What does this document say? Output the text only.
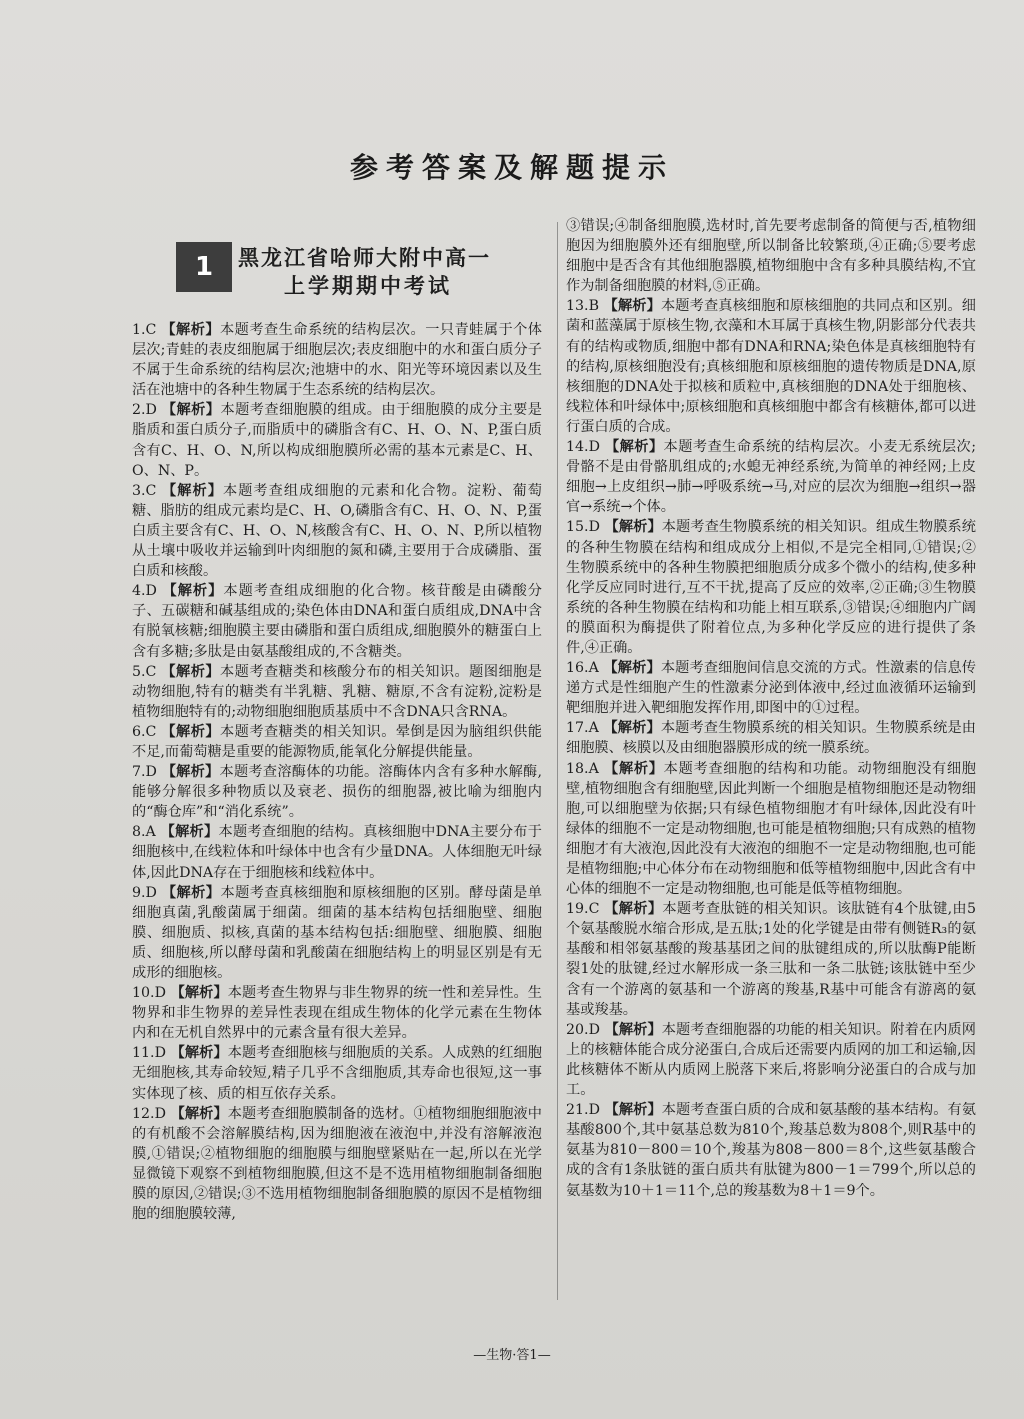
参考答案及解题提示
1	黑龙江省哈师大附中高一
上学期期中考试

1.C 【解析】本题考查生命系统的结构层次。一只青蛙属于个体层次;青蛙的表皮细胞属于细胞层次;表皮细胞中的水和蛋白质分子不属于生命系统的结构层次;池塘中的水、阳光等环境因素以及生活在池塘中的各种生物属于生态系统的结构层次。

2.D 【解析】本题考查细胞膜的组成。由于细胞膜的成分主要是脂质和蛋白质分子,而脂质中的磷脂含有C、H、O、N、P,蛋白质含有C、H、O、N,所以构成细胞膜所必需的基本元素是C、H、O、N、P。

3.C 【解析】本题考查组成细胞的元素和化合物。淀粉、葡萄糖、脂肪的组成元素均是C、H、O,磷脂含有C、H、O、N、P,蛋白质主要含有C、H、O、N,核酸含有C、H、O、N、P,所以植物从土壤中吸收并运输到叶肉细胞的氮和磷,主要用于合成磷脂、蛋白质和核酸。

4.D 【解析】本题考查组成细胞的化合物。核苷酸是由磷酸分子、五碳糖和碱基组成的;染色体由DNA和蛋白质组成,DNA中含有脱氧核糖;细胞膜主要由磷脂和蛋白质组成,细胞膜外的糖蛋白上含有多糖;多肽是由氨基酸组成的,不含糖类。

5.C 【解析】本题考查糖类和核酸分布的相关知识。题图细胞是动物细胞,特有的糖类有半乳糖、乳糖、糖原,不含有淀粉,淀粉是植物细胞特有的;动物细胞细胞质基质中不含DNA只含RNA。

6.C 【解析】本题考查糖类的相关知识。晕倒是因为脑组织供能不足,而葡萄糖是重要的能源物质,能氧化分解提供能量。

7.D 【解析】本题考查溶酶体的功能。溶酶体内含有多种水解酶,能够分解很多种物质以及衰老、损伤的细胞器,被比喻为细胞内的“酶仓库”和“消化系统”。

8.A 【解析】本题考查细胞的结构。真核细胞中DNA主要分布于细胞核中,在线粒体和叶绿体中也含有少量DNA。人体细胞无叶绿体,因此DNA存在于细胞核和线粒体中。

9.D 【解析】本题考查真核细胞和原核细胞的区别。酵母菌是单细胞真菌,乳酸菌属于细菌。细菌的基本结构包括细胞壁、细胞膜、细胞质、拟核,真菌的基本结构包括:细胞壁、细胞膜、细胞质、细胞核,所以酵母菌和乳酸菌在细胞结构上的明显区别是有无成形的细胞核。

10.D 【解析】本题考查生物界与非生物界的统一性和差异性。生物界和非生物界的差异性表现在组成生物体的化学元素在生物体内和在无机自然界中的元素含量有很大差异。

11.D 【解析】本题考查细胞核与细胞质的关系。人成熟的红细胞无细胞核,其寿命较短,精子几乎不含细胞质,其寿命也很短,这一事实体现了核、质的相互依存关系。

12.D 【解析】本题考查细胞膜制备的选材。①植物细胞细胞液中的有机酸不会溶解膜结构,因为细胞液在液泡中,并没有溶解液泡膜,①错误;②植物细胞的细胞膜与细胞壁紧贴在一起,所以在光学显微镜下观察不到植物细胞膜,但这不是不选用植物细胞制备细胞膜的原因,②错误;③不选用植物细胞制备细胞膜的原因不是植物细胞的细胞膜较薄,

③错误;④制备细胞膜,选材时,首先要考虑制备的简便与否,植物细胞因为细胞膜外还有细胞壁,所以制备比较繁琐,④正确;⑤要考虑细胞中是否含有其他细胞器膜,植物细胞中含有多种具膜结构,不宜作为制备细胞膜的材料,⑤正确。

13.B 【解析】本题考查真核细胞和原核细胞的共同点和区别。细菌和蓝藻属于原核生物,衣藻和木耳属于真核生物,阴影部分代表共有的结构或物质,细胞中都有DNA和RNA;染色体是真核细胞特有的结构,原核细胞没有;真核细胞和原核细胞的遗传物质是DNA,原核细胞的DNA处于拟核和质粒中,真核细胞的DNA处于细胞核、线粒体和叶绿体中;原核细胞和真核细胞中都含有核糖体,都可以进行蛋白质的合成。

14.D 【解析】本题考查生命系统的结构层次。小麦无系统层次;骨骼不是由骨骼肌组成的;水螅无神经系统,为简单的神经网;上皮细胞→上皮组织→肺→呼吸系统→马,对应的层次为细胞→组织→器官→系统→个体。

15.D 【解析】本题考查生物膜系统的相关知识。组成生物膜系统的各种生物膜在结构和组成成分上相似,不是完全相同,①错误;②生物膜系统中的各种生物膜把细胞质分成多个微小的结构,使多种化学反应同时进行,互不干扰,提高了反应的效率,②正确;③生物膜系统的各种生物膜在结构和功能上相互联系,③错误;④细胞内广阔的膜面积为酶提供了附着位点,为多种化学反应的进行提供了条件,④正确。

16.A 【解析】本题考查细胞间信息交流的方式。性激素的信息传递方式是性细胞产生的性激素分泌到体液中,经过血液循环运输到靶细胞并进入靶细胞发挥作用,即图中的①过程。

17.A 【解析】本题考查生物膜系统的相关知识。生物膜系统是由细胞膜、核膜以及由细胞器膜形成的统一膜系统。

18.A 【解析】本题考查细胞的结构和功能。动物细胞没有细胞壁,植物细胞含有细胞壁,因此判断一个细胞是植物细胞还是动物细胞,可以细胞壁为依据;只有绿色植物细胞才有叶绿体,因此没有叶绿体的细胞不一定是动物细胞,也可能是植物细胞;只有成熟的植物细胞才有大液泡,因此没有大液泡的细胞不一定是动物细胞,也可能是植物细胞;中心体分布在动物细胞和低等植物细胞中,因此含有中心体的细胞不一定是动物细胞,也可能是低等植物细胞。

19.C 【解析】本题考查肽链的相关知识。该肽链有4个肽键,由5个氨基酸脱水缩合形成,是五肽;1处的化学键是由带有侧链R₃的氨基酸和相邻氨基酸的羧基基团之间的肽键组成的,所以肽酶P能断裂1处的肽键,经过水解形成一条三肽和一条二肽链;该肽链中至少含有一个游离的氨基和一个游离的羧基,R基中可能含有游离的氨基或羧基。

20.D 【解析】本题考查细胞器的功能的相关知识。附着在内质网上的核糖体能合成分泌蛋白,合成后还需要内质网的加工和运输,因此核糖体不断从内质网上脱落下来后,将影响分泌蛋白的合成与加工。

21.D 【解析】本题考查蛋白质的合成和氨基酸的基本结构。有氨基酸800个,其中氨基总数为810个,羧基总数为808个,则R基中的氨基为810－800＝10个,羧基为808－800＝8个,这些氨基酸合成的含有1条肽链的蛋白质共有肽键为800－1＝799个,所以总的氨基数为10＋1＝11个,总的羧基数为8＋1＝9个。

—生物·答1—
